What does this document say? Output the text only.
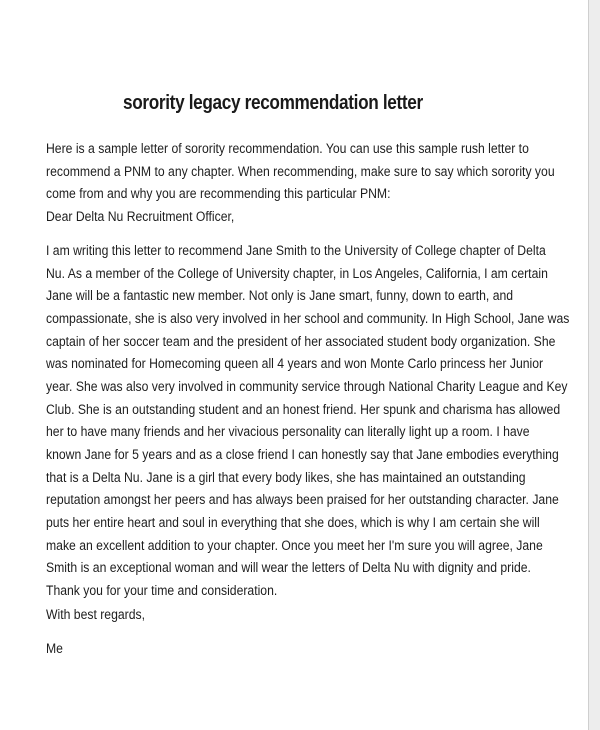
sorority legacy recommendation letter
Here is a sample letter of sorority recommendation. You can use this sample rush letter to
recommend a PNM to any chapter. When recommending, make sure to say which sorority you
come from and why you are recommending this particular PNM:

Dear Delta Nu Recruitment Officer,

I am writing this letter to recommend Jane Smith to the University of College chapter of Delta
Nu. As a member of the College of University chapter, in Los Angeles, California, I am certain
Jane will be a fantastic new member. Not only is Jane smart, funny, down to earth, and
compassionate, she is also very involved in her school and community. In High School, Jane was
captain of her soccer team and the president of her associated student body organization. She
was nominated for Homecoming queen all 4 years and won Monte Carlo princess her Junior
year. She was also very involved in community service through National Charity League and Key
Club. She is an outstanding student and an honest friend. Her spunk and charisma has allowed
her to have many friends and her vivacious personality can literally light up a room. I have
known Jane for 5 years and as a close friend I can honestly say that Jane embodies everything
that is a Delta Nu. Jane is a girl that every body likes, she has maintained an outstanding
reputation amongst her peers and has always been praised for her outstanding character. Jane
puts her entire heart and soul in everything that she does, which is why I am certain she will
make an excellent addition to your chapter. Once you meet her I'm sure you will agree, Jane
Smith is an exceptional woman and will wear the letters of Delta Nu with dignity and pride.
Thank you for your time and consideration.

With best regards,

Me
